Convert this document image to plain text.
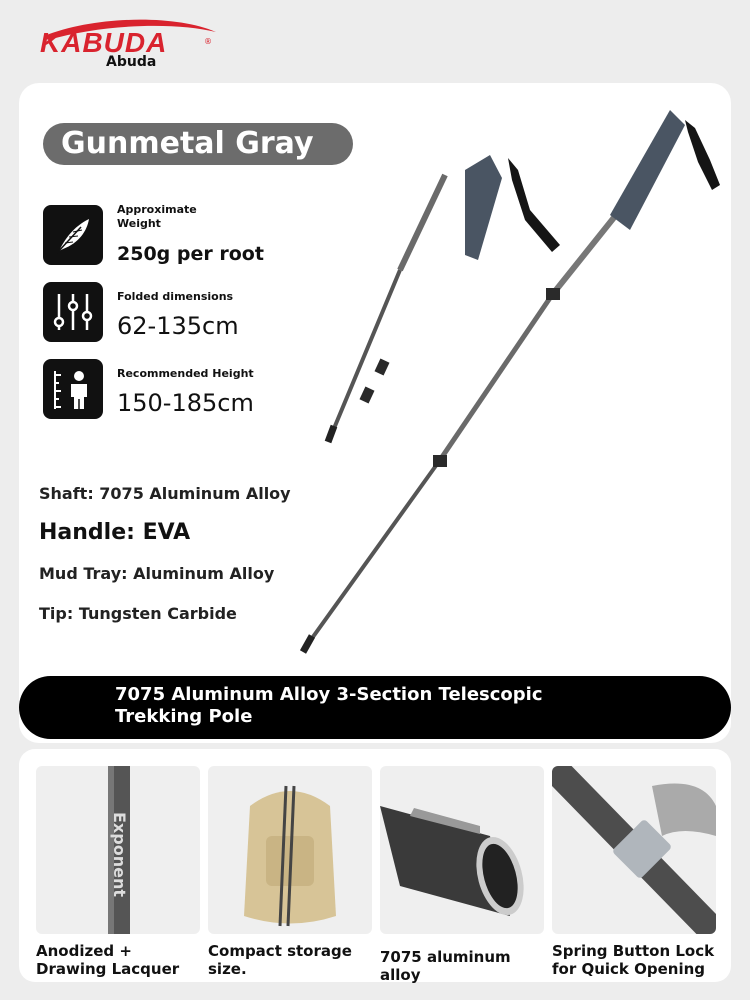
KABUDA	®
Abuda
Gunmetal Gray
Approximate Weight
250g per root
Folded dimensions
62-135cm
Recommended Height
150-185cm
Shaft: 7075 Aluminum Alloy
Handle: EVA
Mud Tray: Aluminum Alloy
Tip: Tungsten Carbide
7075 Aluminum Alloy 3-Section Telescopic Trekking Pole
Exponent
Anodized + Drawing Lacquer
Compact storage size.
7075 aluminum alloy
Spring Button Lock for Quick Opening
